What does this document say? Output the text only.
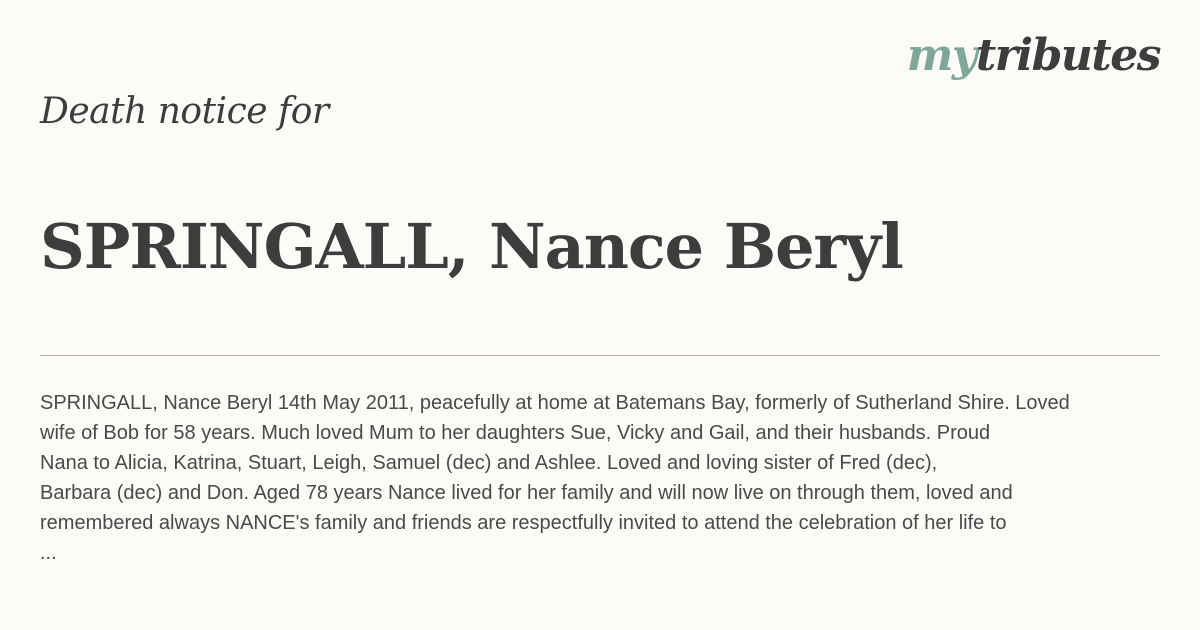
mytributes
Death notice for
SPRINGALL, Nance Beryl

SPRINGALL, Nance Beryl 14th May 2011, peacefully at home at Batemans Bay, formerly of Sutherland Shire. Loved
wife of Bob for 58 years. Much loved Mum to her daughters Sue, Vicky and Gail, and their husbands. Proud
Nana to Alicia, Katrina, Stuart, Leigh, Samuel (dec) and Ashlee. Loved and loving sister of Fred (dec),
Barbara (dec) and Don. Aged 78 years Nance lived for her family and will now live on through them, loved and
remembered always NANCE's family and friends are respectfully invited to attend the celebration of her life to
...
